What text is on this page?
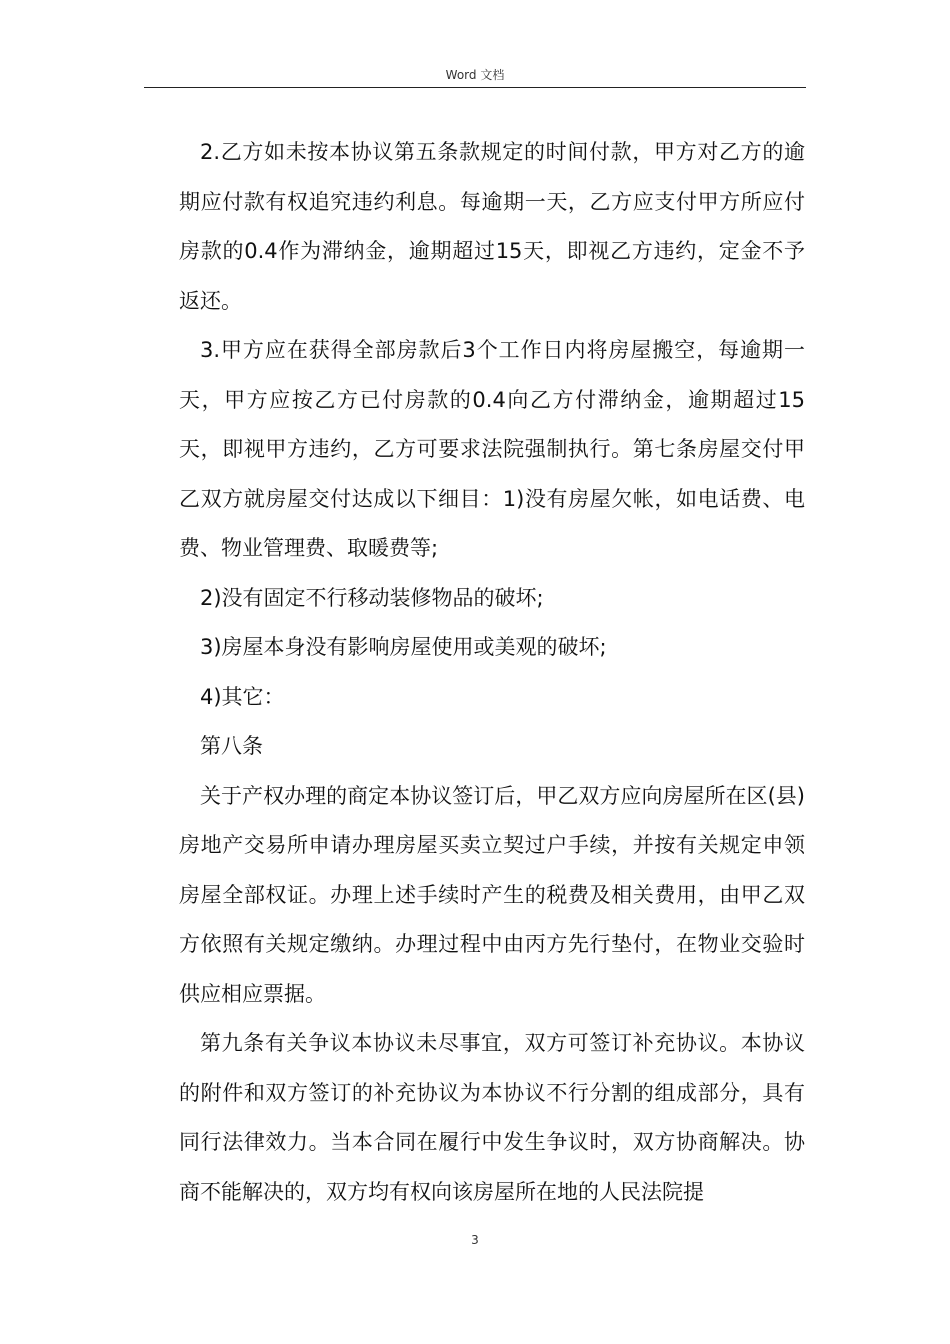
Word 文档

2.乙方如未按本协议第五条款规定的时间付款，甲方对乙方的逾期应付款有权追究违约利息。每逾期一天，乙方应支付甲方所应付房款的0.4作为滞纳金，逾期超过15天，即视乙方违约，定金不予返还。

3.甲方应在获得全部房款后3个工作日内将房屋搬空，每逾期一天，甲方应按乙方已付房款的0.4向乙方付滞纳金，逾期超过15天，即视甲方违约，乙方可要求法院强制执行。第七条房屋交付甲乙双方就房屋交付达成以下细目：1)没有房屋欠帐，如电话费、电费、物业管理费、取暖费等;

2)没有固定不行移动装修物品的破坏;

3)房屋本身没有影响房屋使用或美观的破坏;

4)其它：

第八条

关于产权办理的商定本协议签订后，甲乙双方应向房屋所在区(县)房地产交易所申请办理房屋买卖立契过户手续，并按有关规定申领房屋全部权证。办理上述手续时产生的税费及相关费用，由甲乙双方依照有关规定缴纳。办理过程中由丙方先行垫付，在物业交验时供应相应票据。

第九条有关争议本协议未尽事宜，双方可签订补充协议。本协议的附件和双方签订的补充协议为本协议不行分割的组成部分，具有同行法律效力。当本合同在履行中发生争议时，双方协商解决。协商不能解决的，双方均有权向该房屋所在地的人民法院提

3
